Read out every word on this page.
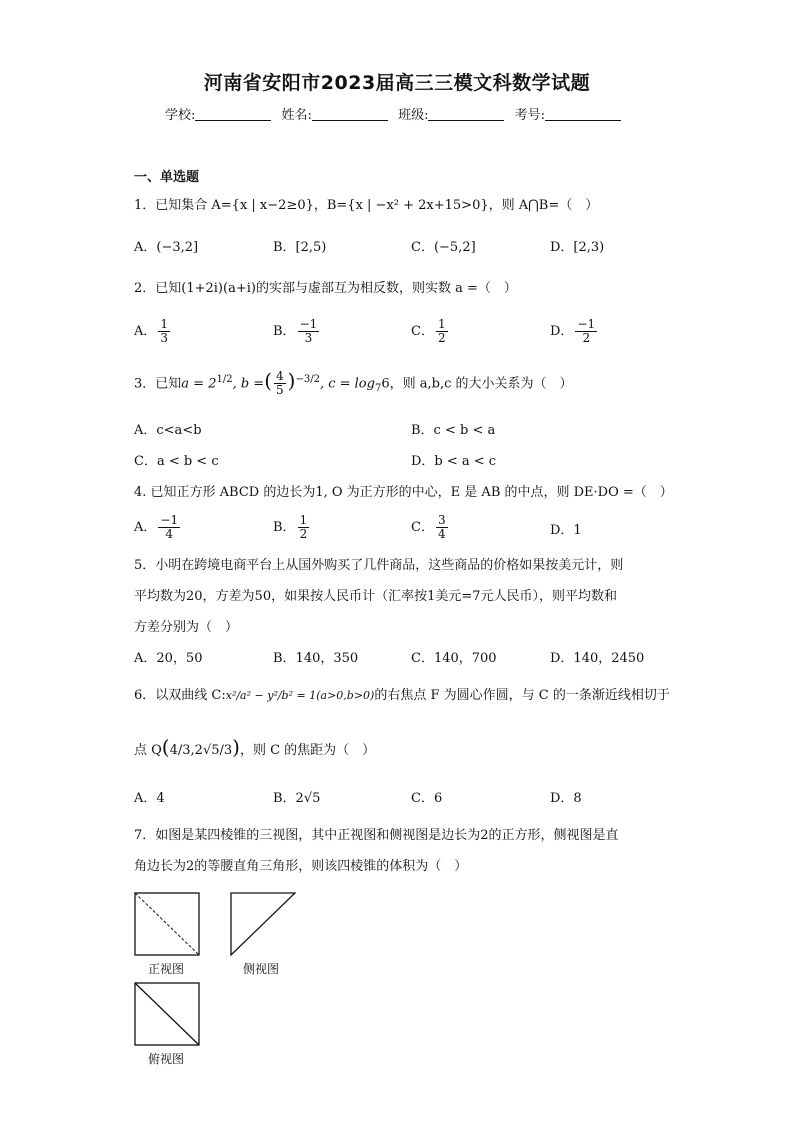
河南省安阳市2023届高三三模文科数学试题
学校:	姓名:	班级:	考号:
一、单选题
1．已知集合 A={x | x−2≥0}，B={x | −x² + 2x+15>0}，则 A⋂B=（　）
A．(−3,2]	B．[2,5)	C．(−5,2]	D．[2,3)
2．已知(1+2i)(a+i)的实部与虚部互为相反数，则实数 a =（　）
A． $\frac{1}{3}$	B． $\frac{-1}{3}$	C． $\frac{1}{2}$	D． $\frac{-1}{2}$
3．已知$a = 2^{1/2}$, b =( $\frac{4}{5} )^{-3/2}$, $c = \log_76$，则 a,b,c 的大小关系为（　）
A．c<a<b	B．c < b < a
C．a < b < c	D．b < a < c
4. 已知正方形 ABCD 的边长为1, O 为正方形的中心，E 是 AB 的中点，则 DE·DO =（　）
A． $\frac{-1}{4}$	B． $\frac{1}{2}$	C． $\frac{3}{4}$	D．1
5．小明在跨境电商平台上从国外购买了几件商品，这些商品的价格如果按美元计，则
平均数为20，方差为50，如果按人民币计（汇率按1美元=7元人民币），则平均数和
方差分别为（　）
A．20，50	B．140，350	C．140，700	D．140，2450
6．以双曲线 C:x²/a² − y²/b² = 1(a>0,b>0)的右焦点 F 为圆心作圆，与 C 的一条渐近线相切于
点 Q(4/3,2√5/3)，则 C 的焦距为（　）
A．4	B．2√5	C．6	D．8
7．如图是某四棱锥的三视图，其中正视图和侧视图是边长为2的正方形，侧视图是直
角边长为2的等腰直角三角形，则该四棱锥的体积为（　）
正视图	侧视图
俯视图
